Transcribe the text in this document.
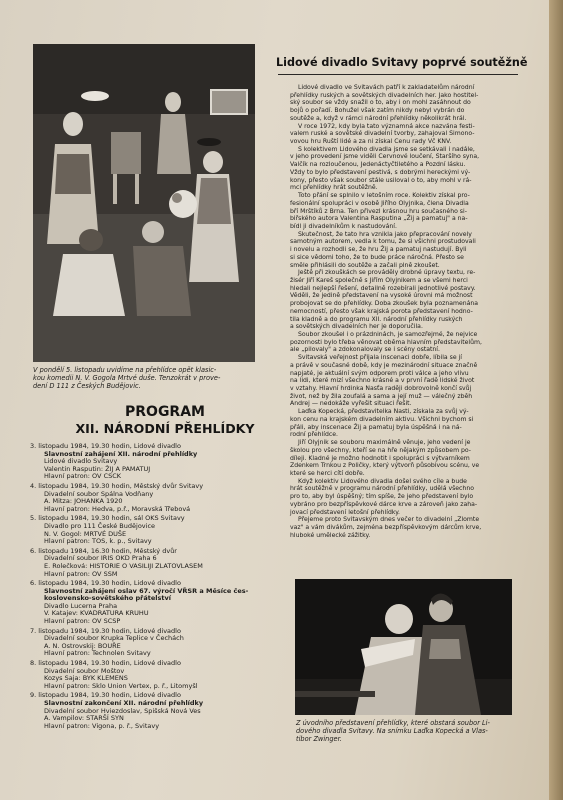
V pondělí 5. listopadu uvidíme na přehlídce opět klasic-
kou komedii N. V. Gogola Mrtvé duše. Tenzokrát v prove-
dení D 111 z Českých Budějovic.
PROGRAM
XII. NÁRODNÍ PŘEHLÍDKY
3. listopadu 1984, 19.30 hodin, Lidové divadlo
Slavnostní zahájení XII. národní přehlídky
Lidové divadlo Svitavy
Valentin Rasputin: ŽIJ A PAMATUJ
Hlavní patron: OV CSCK
4. listopadu 1984, 19.30 hodin, Městský dvůr Svitavy
Divadelní soubor Spálna Vodňany
A. Mitza: JOHANKA 1920
Hlavní patron: Hedva, p.ř., Moravská Třebová
5. listopadu 1984, 19.30 hodin, sál OKS Svitavy
Divadlo pro 111 České Budějovice
N. V. Gogol: MRTVÉ DUŠE
Hlavní patron: TOS, k. p., Svitavy
6. listopadu 1984, 16.30 hodin, Městský dvůr
Divadelní soubor IRIS OKD Praha 6
E. Rolečková: HISTORIE O VASILIJI ZLATOVLASEM
Hlavní patron: OV SSM
6. listopadu 1984, 19.30 hodin, Lidové divadlo
Slavnostní zahájení oslav 67. výročí VŘSR a Měsíce čes-
koslovensko-sovětského přátelství
Divadlo Lucerna Praha
V. Katajev: KVADRATURA KRUHU
Hlavní patron: OV SCSP
7. listopadu 1984, 19.30 hodin, Lidové divadlo
Divadelní soubor Krupka Teplice v Čechách
A. N. Ostrovskij: BOUŘE
Hlavní patron: Technolen Svitavy
8. listopadu 1984, 19.30 hodin, Lidové divadlo
Divadelní soubor Moštov
Kozys Saja: BYK KLEMENS
Hlavní patron: Sklo Union Vertex, p. ř., Litomyšl
9. listopadu 1984, 19.30 hodin, Lidové divadlo
Slavnostní zakončení XII. národní přehlídky
Divadelní soubor Hviezdoslav, Spišská Nová Ves
A. Vampilov: STARŠÍ SYN
Hlavní patron: Vigona, p. ř., Svitavy
Lidové divadlo Svitavy poprvé soutěžně

Lidové divadlo ve Svitavách patří k zakladatelům národní
přehlídky ruských a sovětských divadelních her. Jako hostitel-
ský soubor se vždy snažil o to, aby i on mohl zasáhnout do
bojů o pořadí. Bohužel však zatím nikdy nebyl vybrán do
soutěže a, když v rámci národní přehlídky několikrát hrál.

V roce 1972, kdy byla tato významná akce nazvána festi-
valem ruské a sovětské divadelní tvorby, zahajoval Simono-
vovou hru Ruští lidé a za ni získal Cenu rady Vč KNV.

S kolektivem Lidového divadla jsme se setkávali i nadále,
v jeho provedení jsme viděli Cervnové loučení, Staršího syna,
Valčík na rozloučenou, Jedenáctyčtiletého a Pozdní lásku.
Vždy to bylo představení pestivá, s dobrými hereckými vý-
kony, přesto však soubor stále usiloval o to, aby mohl v rá-
mci přehlídky hrát soutěžně.

Toto přání se splnilo v letošním roce. Kolektiv získal pro-
fesionální spolupráci v osobě Jiřího Olyjnika, člena Divadla
bří Mrštíků z Brna. Ten přivezl krásnou hru současného si-
biřského autora Valentina Rasputina „Žij a pamatuj" a na-
bídl ji divadelníkům k nastudování.

Skutečnost, že tato hra vznikla jako přepracování novely
samotným autorem, vedla k tomu, že si všichni prostudovali
i novelu a rozhodli se, že hru Žij a pamatuj nastudují. Byli
si sice vědomi toho, že to bude práce náročná. Přesto se
směle přihlásili do soutěže a začali plně zkoušet.

Ještě při zkouškách se prováděly drobné úpravy textu, re-
žisér Jiří Kareš společně s Jiřím Olyjnikem a se všemi herci
hledali nejlepší řešení, detailně rozebírali jednotlivé postavy.
Věděli, že jedině představení na vysoké úrovni má možnost
probojovat se do přehlídky. Doba zkoušek byla poznamenána
nemocností, přesto však krajská porota představení hodno-
tila kladně a do programu XII. národní přehlídky ruských
a sovětských divadelních her je doporučila.

Soubor zkoušel i o prázdninách, je samozřejmé, že nejvice
pozornosti bylo třeba věnovat oběma hlavním představitelům,
ale „pilovaly" a zdokonalovaly se i scény ostatní.

Svitavská veřejnost přijala inscenaci dobře, líbila se jí
a právě v současné době, kdy je mezinárodní situace značně
napjaté, je aktuální svým odporem proti válce a jeho vlivu
na lidi, které mizí všechno krásné a v první řadě lidské život
v vztahy. Hlavní hrdinka Nasťa raději dobrovolně končí svůj
život, než by žila zoufalá a sama a její muž — válečný zběh
Andrej — nedokáže vyřešit situaci řešit.

Laďka Kopecká, představitelka Nasti, získala za svůj vý-
kon cenu na krajském divadelním aktivu. Všichni bychom si
přáli, aby inscenace Žij a pamatuj byla úspěšná i na ná-
rodní přehlídce.

Jiří Olyjnik se souboru maximálně věnuje, jeho vedení je
školou pro všechny, kteří se na hře nějakým způsobem po-
díleji. Kladné je možno hodnotit i spolupráci s výtvarníkem
Zdenkem Trnkou z Poličky, který výtvorň působivou scénu, ve
které se herci cítí dobře.

Když kolektiv Lidového divadla došel svého cíle a bude
hrát soutěžně v programu národní přehlídky, udělá všechno
pro to, aby byl úspěšný; tím spíše, že jeho představení bylo
vybráno pro bezpříspěvkové dárce krve a zároveň jako zaha-
jovací představení letošní přehlídky.

Přejeme proto Svitavským dnes večer to divadelní „Zlomte
vaz" a vám divákům, zejména bezpříspěvkovým dárcům krve,
hluboké umělecké zážitky.

Z úvodního představení přehlídky, které obstará soubor Li-
dového divadla Svitavy. Na snímku Laďka Kopecká a Vlas-
tibor Zwinger.
